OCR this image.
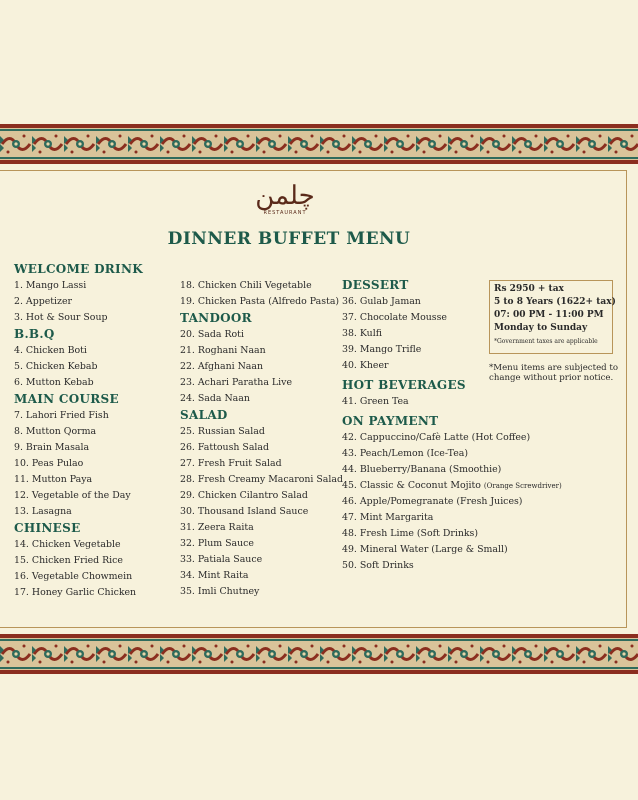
چلمن
RESTAURANT
DINNER BUFFET MENU
WELCOME DRINK
1. Mango Lassi
2. Appetizer
3. Hot & Sour Soup
B.B.Q
4. Chicken Boti
5. Chicken Kebab
6. Mutton Kebab
MAIN COURSE
7. Lahori Fried Fish
8. Mutton Qorma
9. Brain Masala
10. Peas Pulao
11. Mutton Paya
12. Vegetable of the Day
13. Lasagna
CHINESE
14. Chicken Vegetable
15. Chicken Fried Rice
16. Vegetable Chowmein
17. Honey Garlic Chicken
18. Chicken Chili Vegetable
19. Chicken Pasta (Alfredo Pasta)
TANDOOR
20. Sada Roti
21. Roghani Naan
22. Afghani Naan
23. Achari Paratha Live
24. Sada Naan
SALAD
25. Russian Salad
26. Fattoush Salad
27. Fresh Fruit Salad
28. Fresh Creamy Macaroni Salad
29. Chicken Cilantro Salad
30. Thousand Island Sauce
31. Zeera Raita
32. Plum Sauce
33. Patiala Sauce
34. Mint Raita
35. Imli Chutney
DESSERT
36. Gulab Jaman
37. Chocolate Mousse
38. Kulfi
39. Mango Trifle
40. Kheer
HOT BEVERAGES
41. Green Tea
ON PAYMENT
42. Cappuccino/Cafè Latte (Hot Coffee)
43. Peach/Lemon (Ice-Tea)
44. Blueberry/Banana (Smoothie)
45. Classic & Coconut Mojito (Orange Screwdriver)
46. Apple/Pomegranate (Fresh Juices)
47. Mint Margarita
48. Fresh Lime (Soft Drinks)
49. Mineral Water (Large & Small)
50. Soft Drinks
Rs 2950 + tax
5 to 8 Years (1622+ tax)
07: 00 PM - 11:00 PM
Monday to Sunday
*Government taxes are applicable
*Menu items are subjected to change without prior notice.
